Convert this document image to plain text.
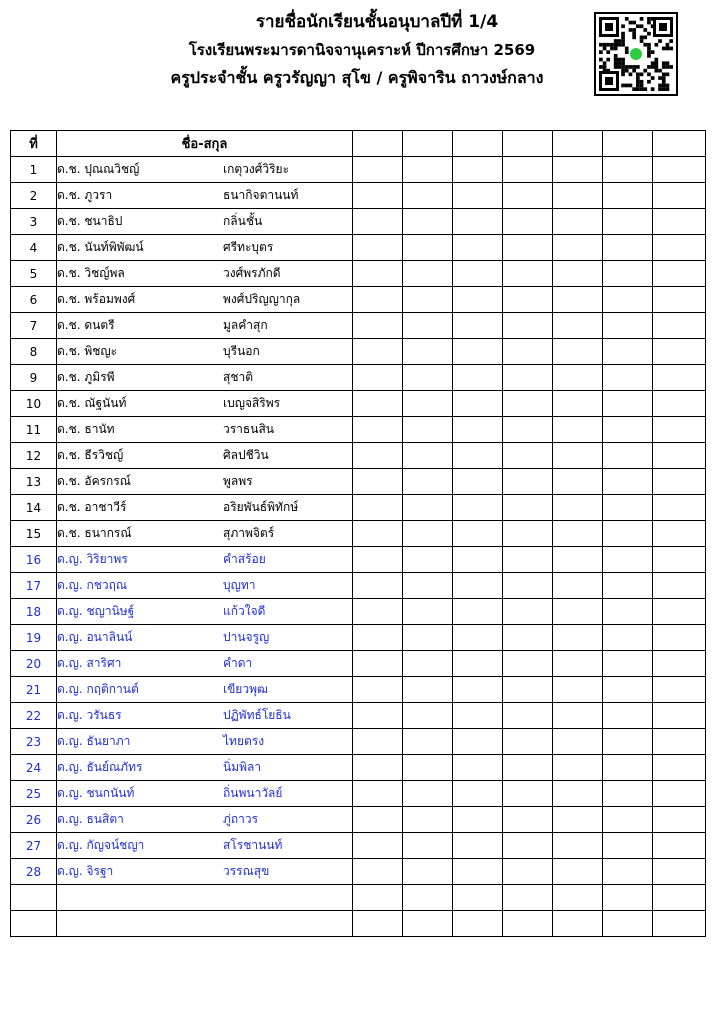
รายชื่อนักเรียนชั้นอนุบาลปีที่ 1/4
โรงเรียนพระมารดานิจจานุเคราะห์ ปีการศึกษา 2569
ครูประจำชั้น ครูวรัญญา สุโข / ครูพิจาริน ถาวงษ์กลาง
ที่	ชื่อ-สกุล							
1	ด.ช. ปุณณวิชญ์ เกตุวงศ์วิริยะ							
2	ด.ช. ภูวรา ธนากิจตานนท์							
3	ด.ช. ชนาธิป กลิ่นชั้น							
4	ด.ช. นันท์พิพัฒน์ ศรีทะบุตร							
5	ด.ช. วิชญ์พล วงศ์พรภักดี							
6	ด.ช. พร้อมพงศ์ พงศ์ปริญญากุล							
7	ด.ช. ดนตรี มูลคำสุก							
8	ด.ช. พิชญะ บุรีนอก							
9	ด.ช. ภูมิรพี สุชาติ							
10	ด.ช. ณัฐนันท์ เบญจสิริพร							
11	ด.ช. ธานัท วราธนสิน							
12	ด.ช. ธีรวิชญ์ ศิลปชีวิน							
13	ด.ช. อัครกรณ์ พูลพร							
14	ด.ช. อาชาวีร์ อริยพันธ์พิทักษ์							
15	ด.ช. ธนากรณ์ สุภาพจิตร์							
16	ด.ญ. วิริยาพร คำสร้อย							
17	ด.ญ. กชวฤณ บุญทา							
18	ด.ญ. ชญานิษฐ์ แก้วใจดี							
19	ด.ญ. อนาลินน์ ปานจรูญ							
20	ด.ญ. สาริศา คำดา							
21	ด.ญ. กฤติกานต์ เขียวพุฒ							
22	ด.ญ. วรันธร ปฏิพัทธ์โยธิน							
23	ด.ญ. ธันยาภา ไทยตรง							
24	ด.ญ. ธันย์ณภัทร นิ่มพิลา							
25	ด.ญ. ชนกนันท์ ถิ่นพนาวัลย์							
26	ด.ญ. ธนสิตา ภู่ถาวร							
27	ด.ญ. กัญจน์ชญา สโรชานนท์							
28	ด.ญ. จิรฐา วรรณสุข							
